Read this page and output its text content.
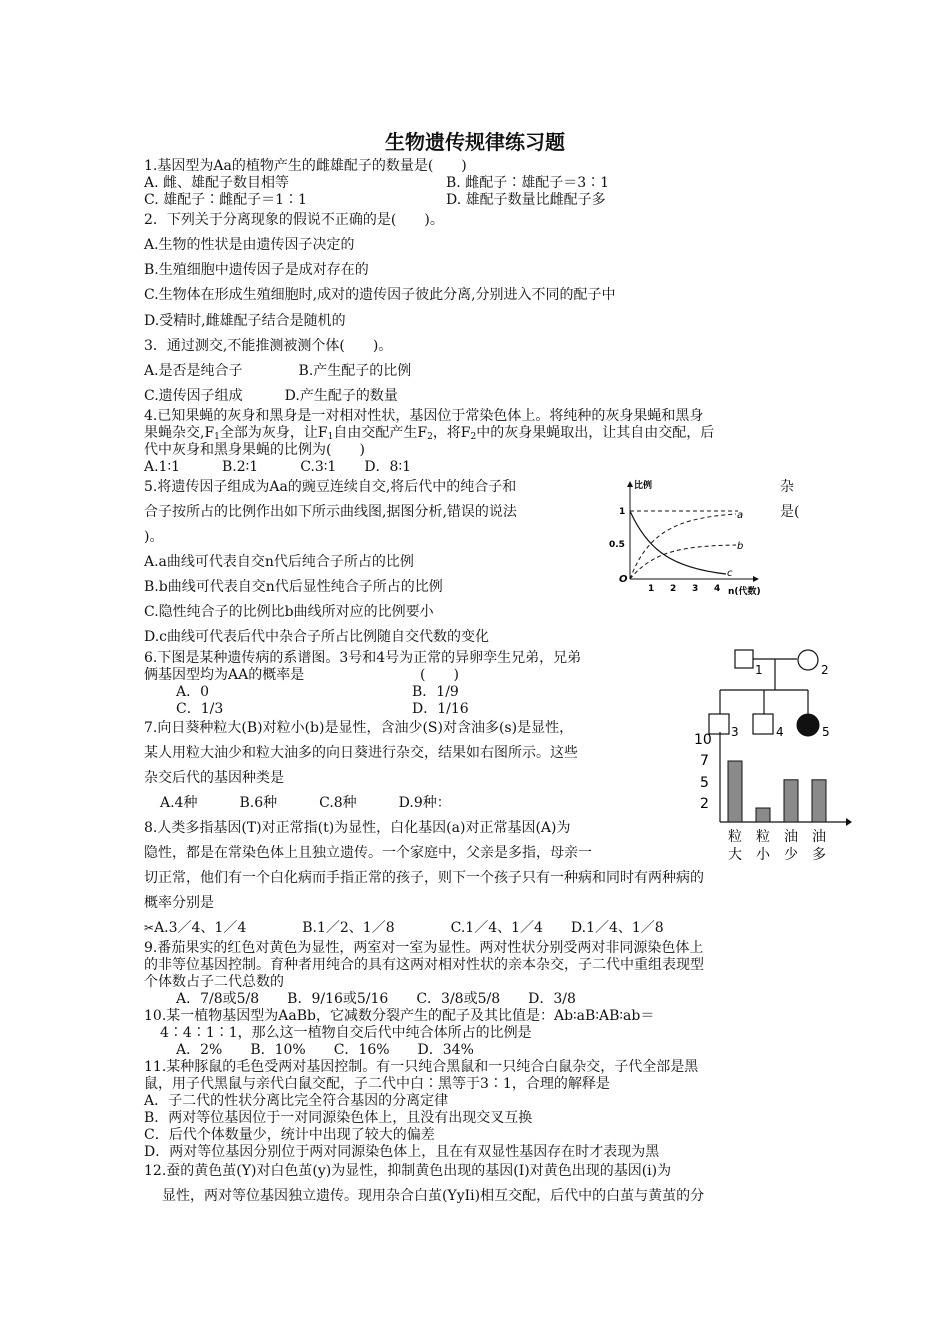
生物遗传规律练习题
1.基因型为Aa的植物产生的雌雄配子的数量是(　　)
A. 雌、雄配子数目相等	B. 雌配子∶雄配子＝3∶1
C. 雄配子∶雌配子＝1∶1	D. 雄配子数量比雌配子多
2．下列关于分离现象的假说不正确的是(　　)。
A.生物的性状是由遗传因子决定的
B.生殖细胞中遗传因子是成对存在的
C.生物体在形成生殖细胞时,成对的遗传因子彼此分离,分别进入不同的配子中
D.受精时,雌雄配子结合是随机的
3．通过测交,不能推测被测个体(　　)。
A.是否是纯合子　　　　B.产生配子的比例
C.遗传因子组成　　　D.产生配子的数量
4.已知果蝇的灰身和黑身是一对相对性状，基因位于常染色体上。将纯种的灰身果蝇和黑身
果蝇杂交$,F_1$全部为灰身，让$F_1$自由交配产生$F_2$，将$F_2$中的灰身果蝇取出，让其自由交配，后
代中灰身和黑身果蝇的比例为(　　)
A.1∶1　　　B.2∶1　　　C.3∶1　　D．8∶1
5.将遗传因子组成为Aa的豌豆连续自交,将后代中的纯合子和	杂
合子按所占的比例作出如下所示曲线图,据图分析,错误的说法	是(
)。
A.a曲线可代表自交n代后纯合子所占的比例
B.b曲线可代表自交n代后显性纯合子所占的比例
C.隐性纯合子的比例比b曲线所对应的比例要小
D.c曲线可代表后代中杂合子所占比例随自交代数的变化
比例
n(代数)
1
0.5
O
1 2 3 4
a
b
c
6.下图是某种遗传病的系谱图。3号和4号为正常的异卵孪生兄弟，兄弟
俩基因型均为AA的概率是	(　　)
A．0	B．1/9
C．1/3	D．1/16
1	2
3	4	5
7.向日葵种粒大(B)对粒小(b)是显性，含油少(S)对含油多(s)是显性，
某人用粒大油少和粒大油多的向日葵进行杂交，结果如右图所示。这些
杂交后代的基因种类是
A.4种　　　B.6种　　　C.8种　　　D.9种：
10
7
5
2
粒
大
粒
小
油
少
油
多
8.人类多指基因(T)对正常指(t)为显性，白化基因(a)对正常基因(A)为
隐性，都是在常染色体上且独立遗传。一个家庭中，父亲是多指，母亲一
切正常，他们有一个白化病而手指正常的孩子，则下一个孩子只有一种病和同时有两种病的
概率分别是
✂A.3／4、1／4　　　　B.1／2、1／8　　　　C.1／4、1／4　　D.1／4、1／8
9.番茄果实的红色对黄色为显性，两室对一室为显性。两对性状分别受两对非同源染色体上
的非等位基因控制。育种者用纯合的具有这两对相对性状的亲本杂交，子二代中重组表现型
个体数占子二代总数的
A．7/8或5/8　　B．9/16或5/16　　C．3/8或5/8　　D．3/8
10.某一植物基因型为AaBb，它减数分裂产生的配子及其比值是：Ab∶aB∶AB∶ab＝
4∶4∶1∶1，那么这一植物自交后代中纯合体所占的比例是
A．2%　　B．10%　　C．16%　　D．34%
11.某种豚鼠的毛色受两对基因控制。有一只纯合黑鼠和一只纯合白鼠杂交，子代全部是黑
鼠，用子代黑鼠与亲代白鼠交配，子二代中白∶黑等于3∶1，合理的解释是
A．子二代的性状分离比完全符合基因的分离定律
B．两对等位基因位于一对同源染色体上，且没有出现交叉互换
C．后代个体数量少，统计中出现了较大的偏差
D．两对等位基因分别位于两对同源染色体上，且在有双显性基因存在时才表现为黑
12.蚕的黄色茧(Y)对白色茧(y)为显性，抑制黄色出现的基因(I)对黄色出现的基因(i)为
显性，两对等位基因独立遗传。现用杂合白茧(YyIi)相互交配，后代中的白茧与黄茧的分
